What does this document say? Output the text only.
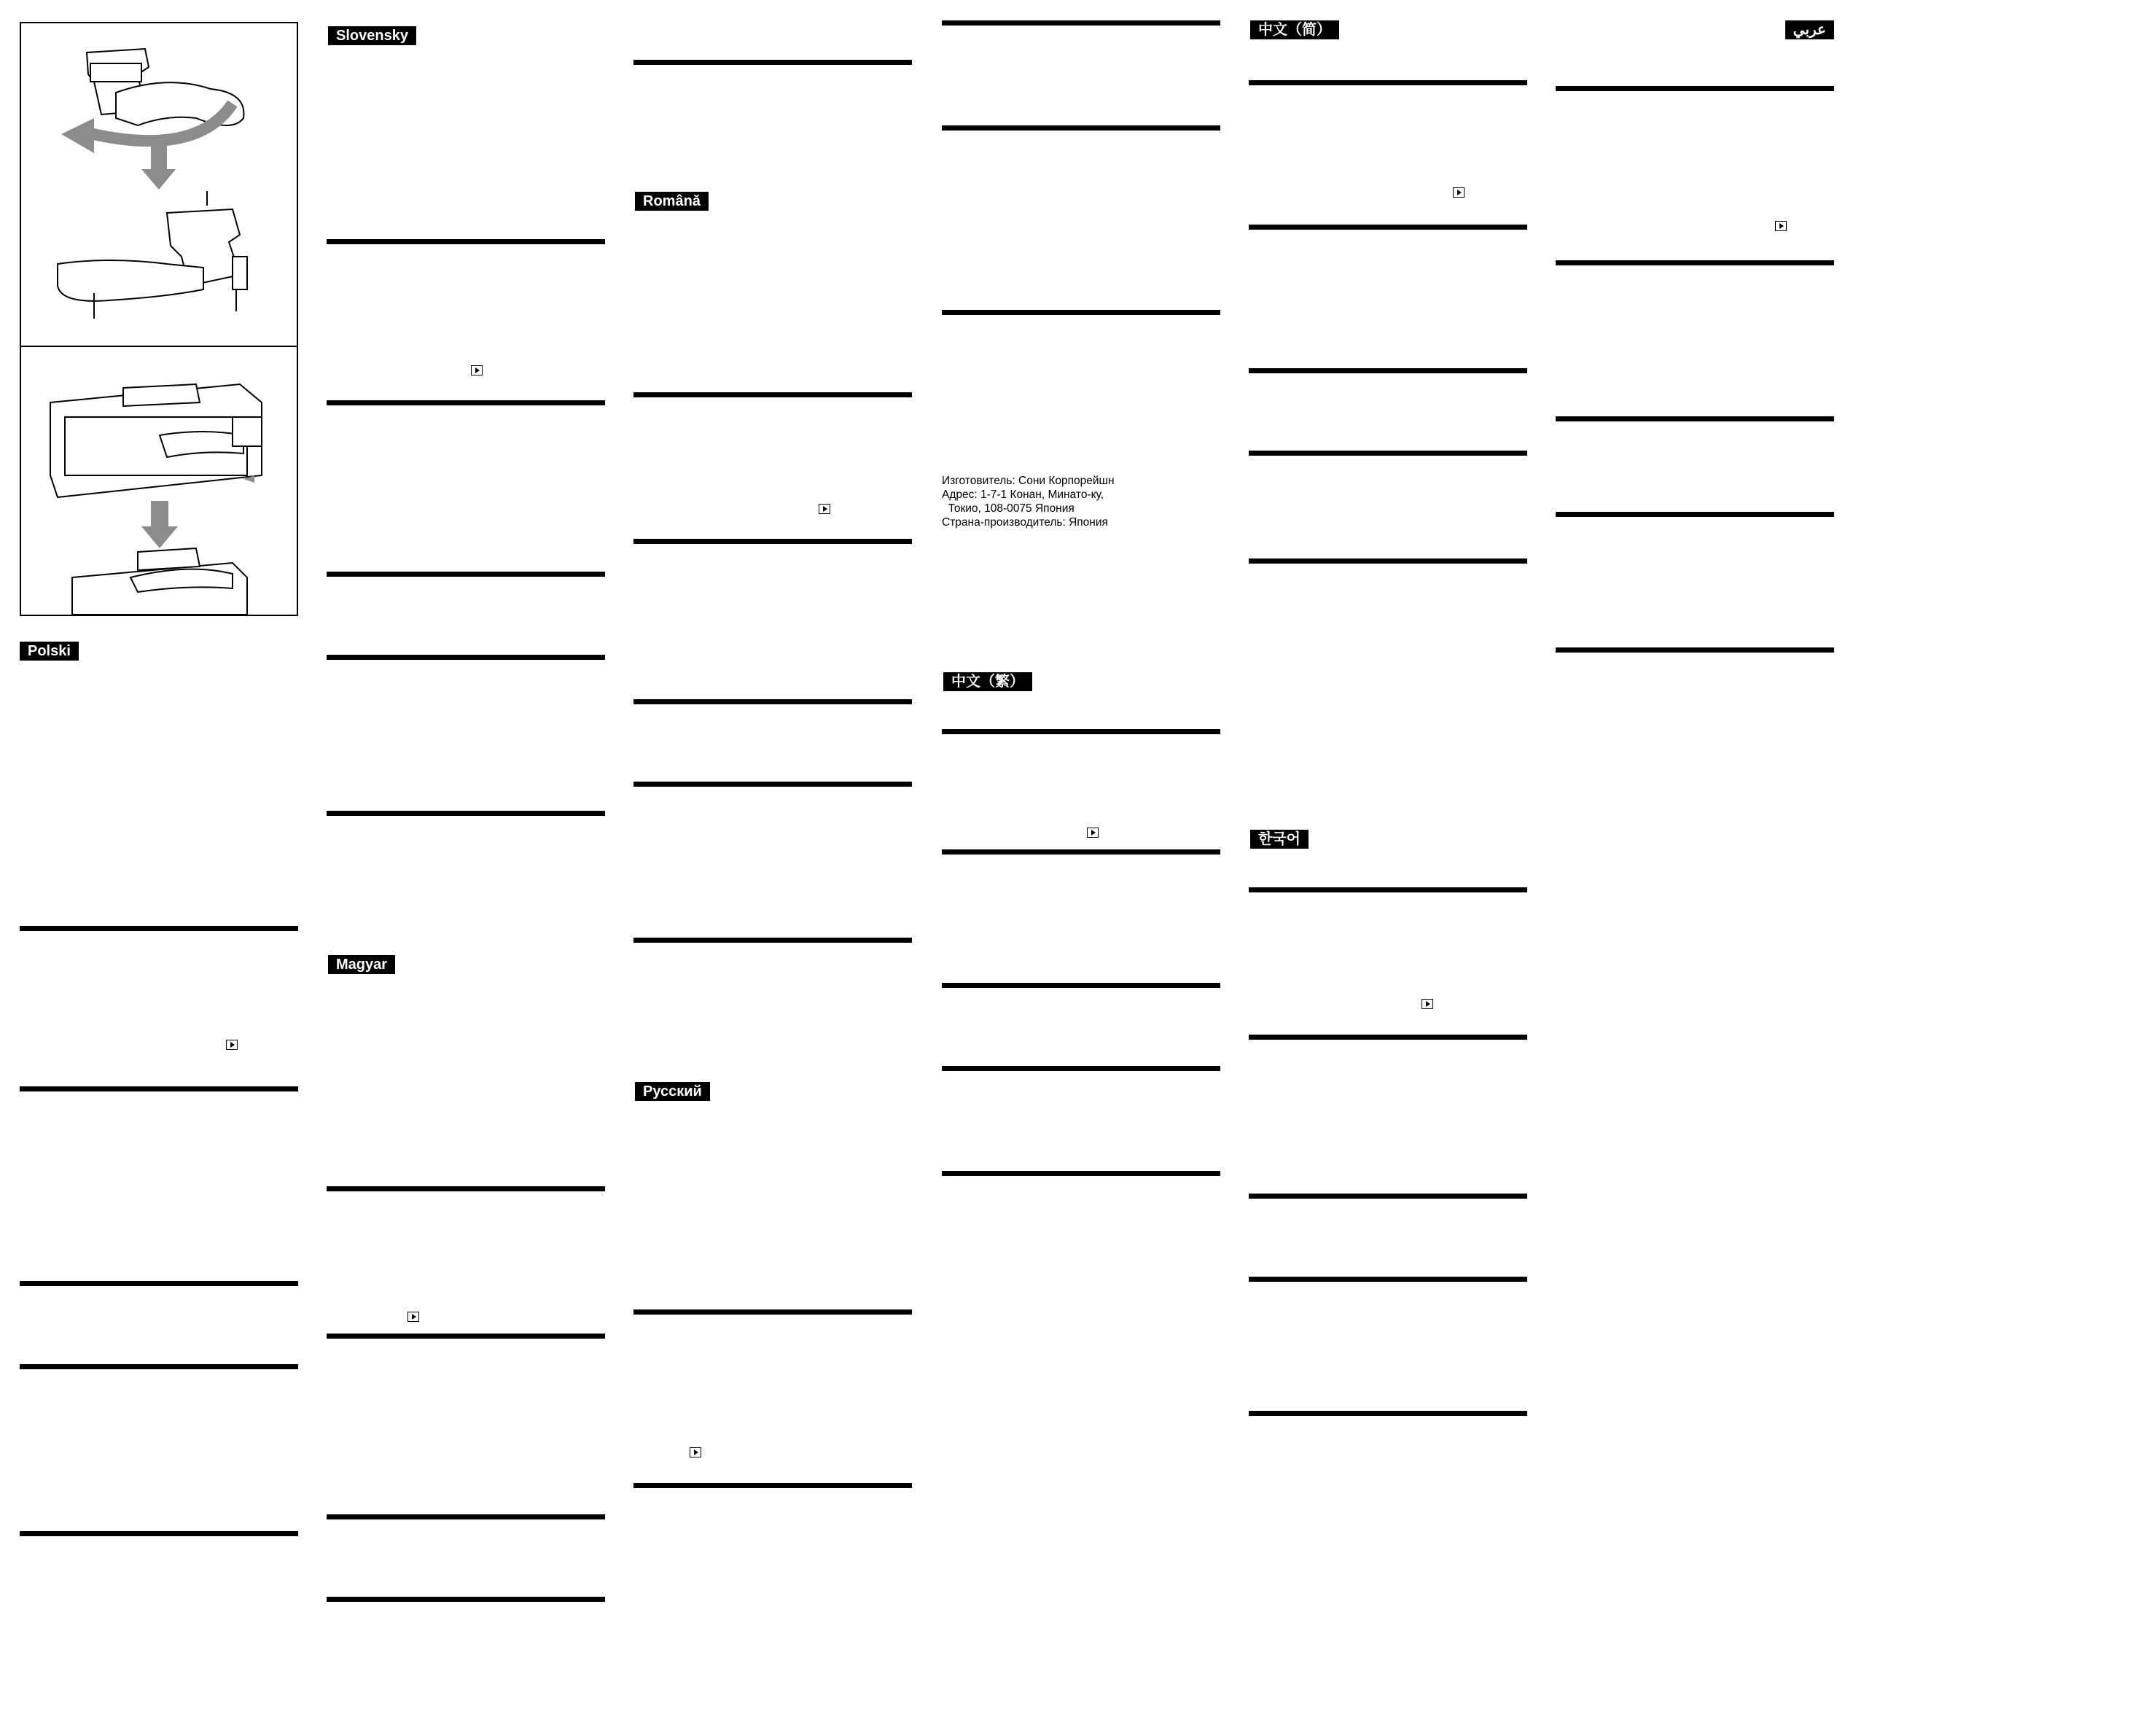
Polski
Slovensky
Magyar
Română
Русский
Изготовитель: Сони Корпорейшн
Адрес: 1-7-1 Конан, Минато-ку,
Токио, 108-0075 Япония
Страна-производитель: Япония
中文（繁）
中文（简）
한국어
عربي
